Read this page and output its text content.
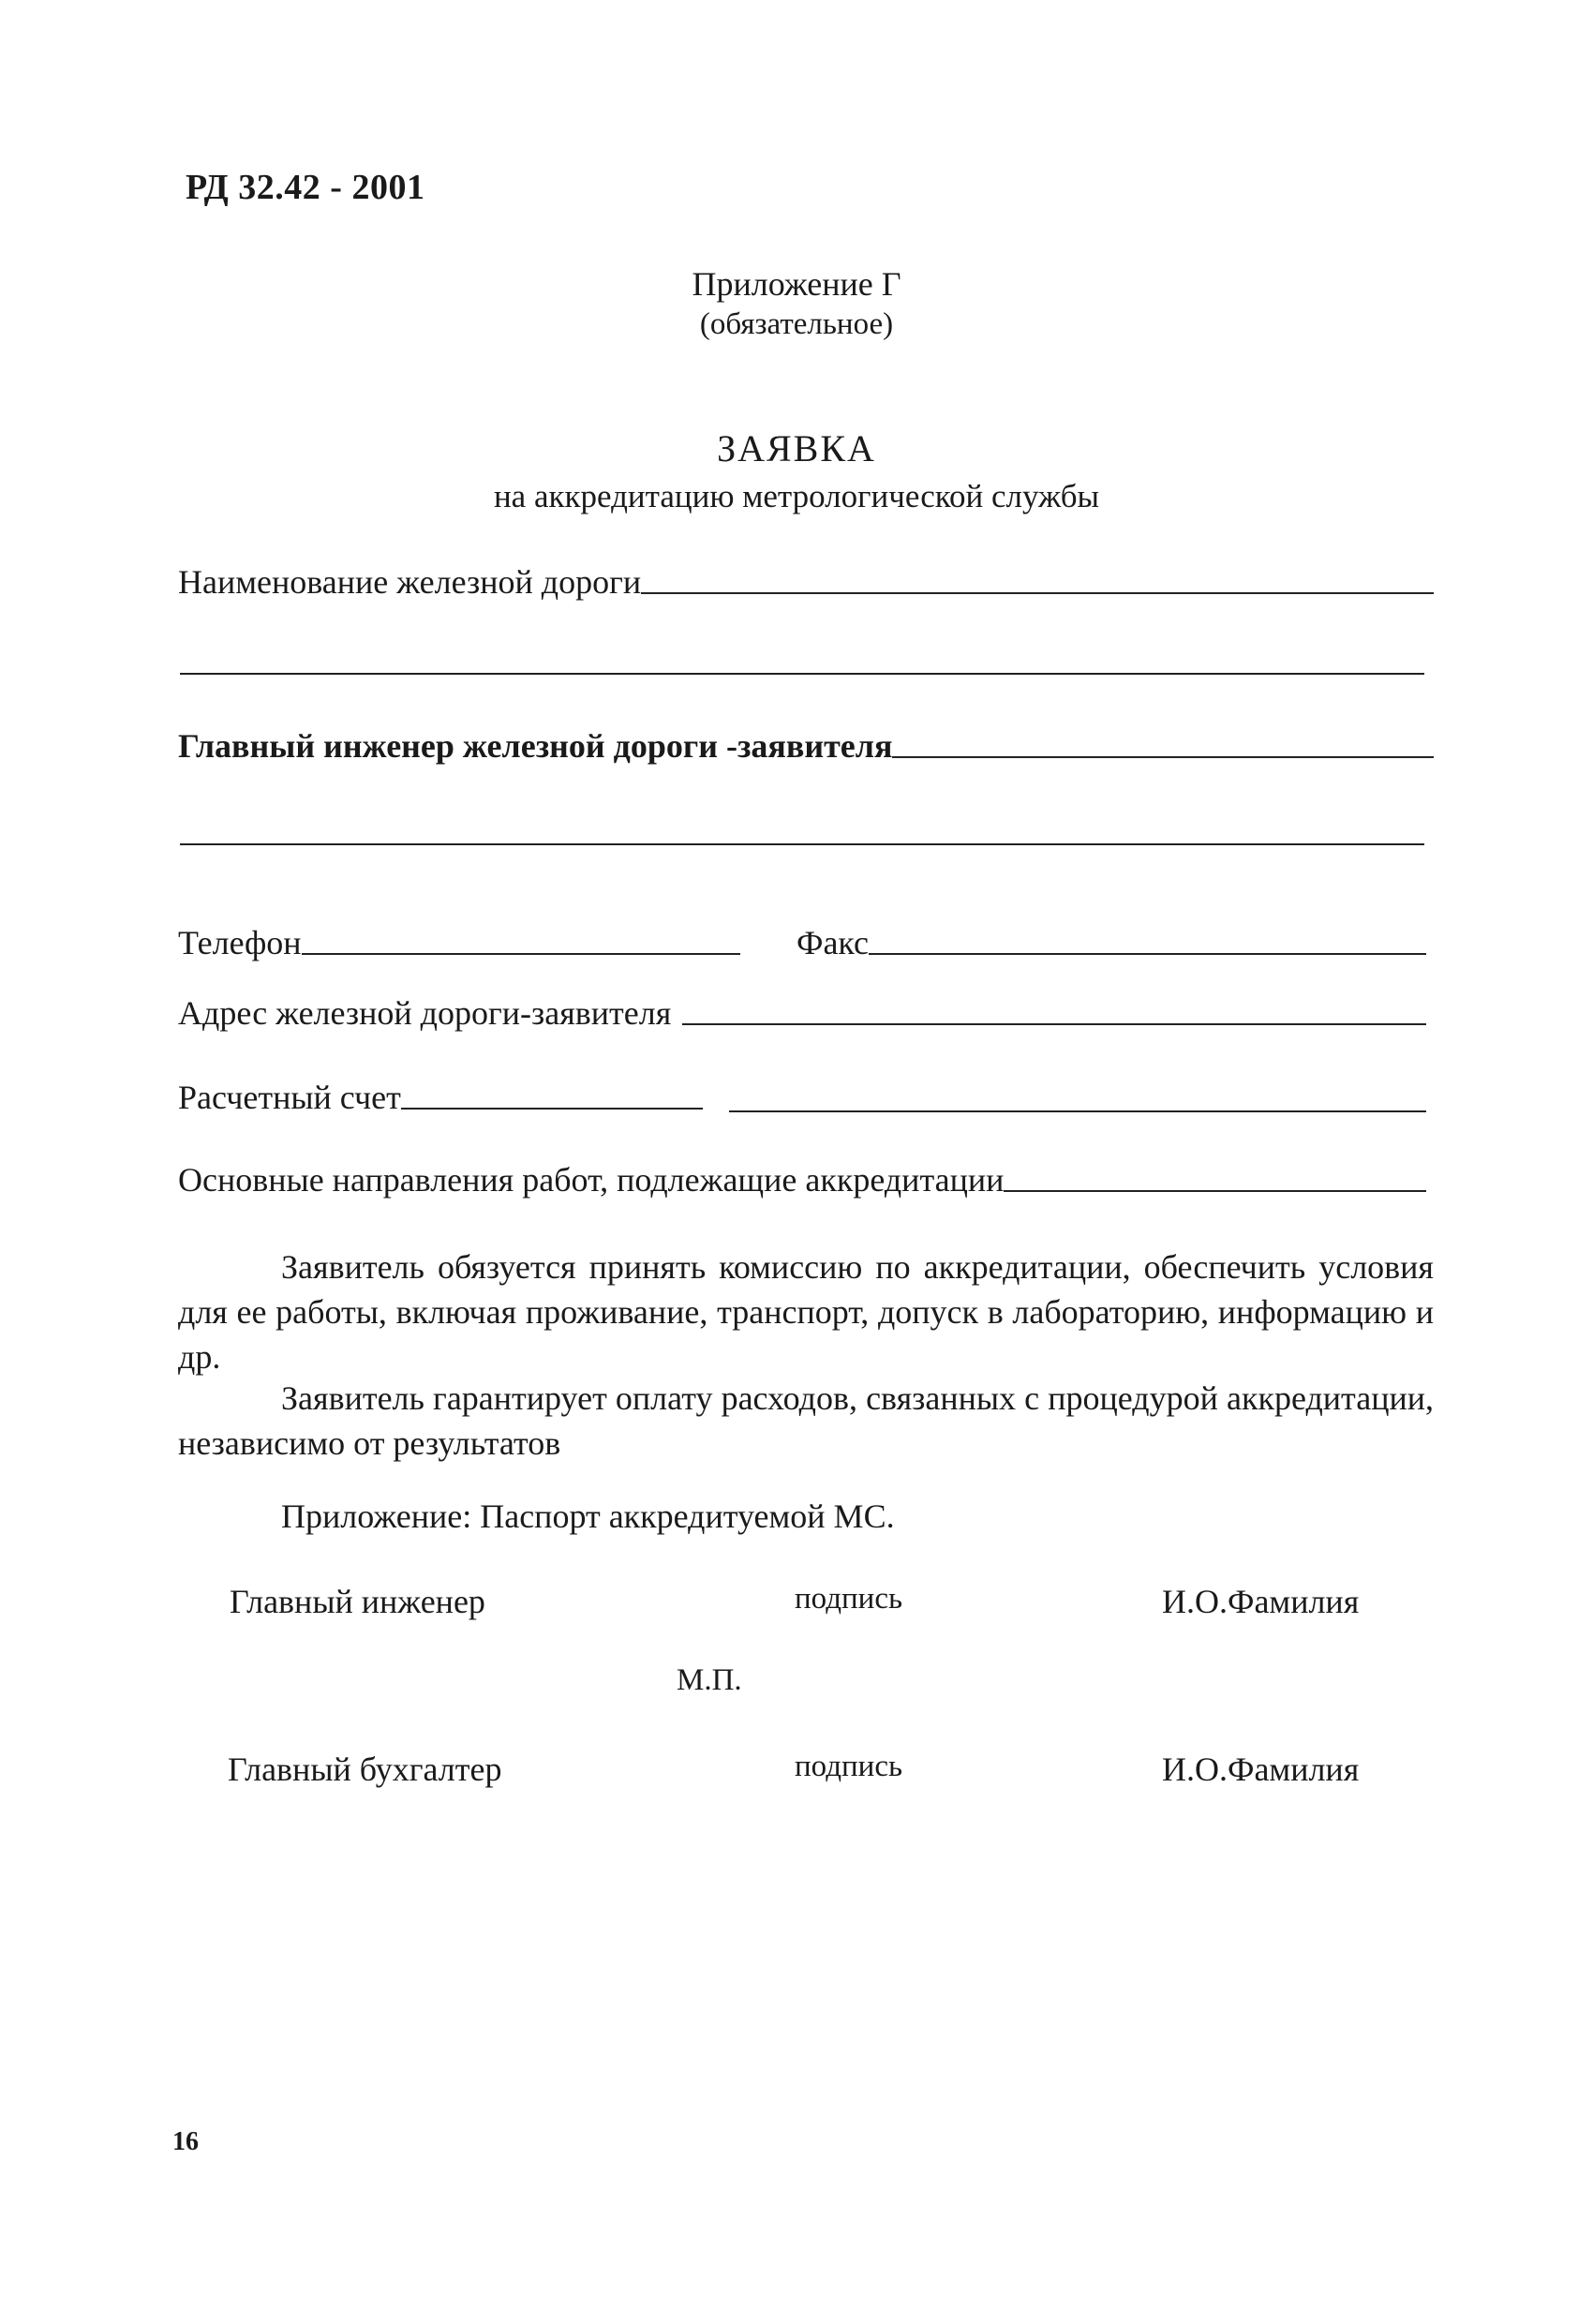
РД 32.42 - 2001
Приложение Г
(обязательное)
ЗАЯВКА
на аккредитацию метрологической службы
Наименование железной дороги
Главный инженер железной дороги -заявителя
Телефон	Факс
Адрес железной дороги-заявителя
Расчетный счет
Основные направления работ, подлежащие аккредитации
Заявитель обязуется принять комиссию по аккредитации, обеспечить условия для ее работы, включая проживание, транспорт, допуск в лабораторию, информацию и др.
Заявитель гарантирует оплату расходов, связанных с процедурой аккредитации, независимо от результатов
Приложение: Паспорт аккредитуемой МС.
Главный инженер	подпись	И.О.Фамилия
М.П.
Главный бухгалтер	подпись	И.О.Фамилия
16
